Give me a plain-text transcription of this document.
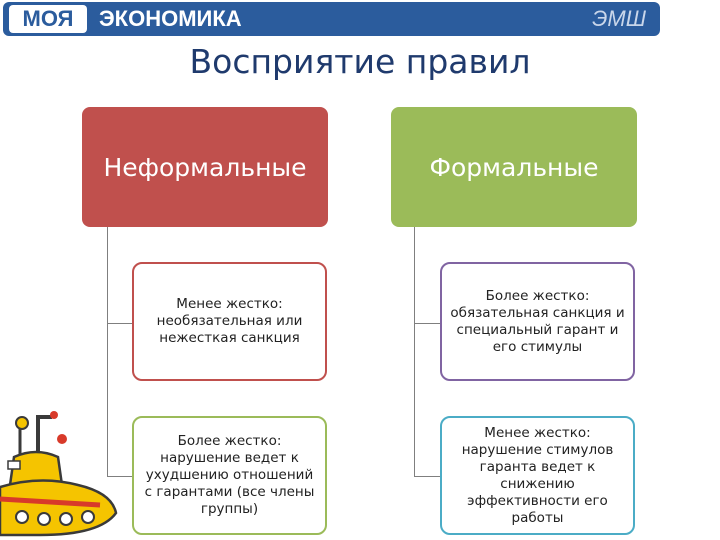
МОЯ	ЭКОНОМИКА	ЭМШ
Восприятие правил
Неформальные	Формальные
Менее жестко: необязательная или нежесткая санкция
Более жестко: обязательная санкция и специальный гарант и его стимулы
Более жестко: нарушение ведет к ухудшению отношений с гарантами (все члены группы)
Менее жестко: нарушение стимулов гаранта ведет к снижению эффективности его работы
